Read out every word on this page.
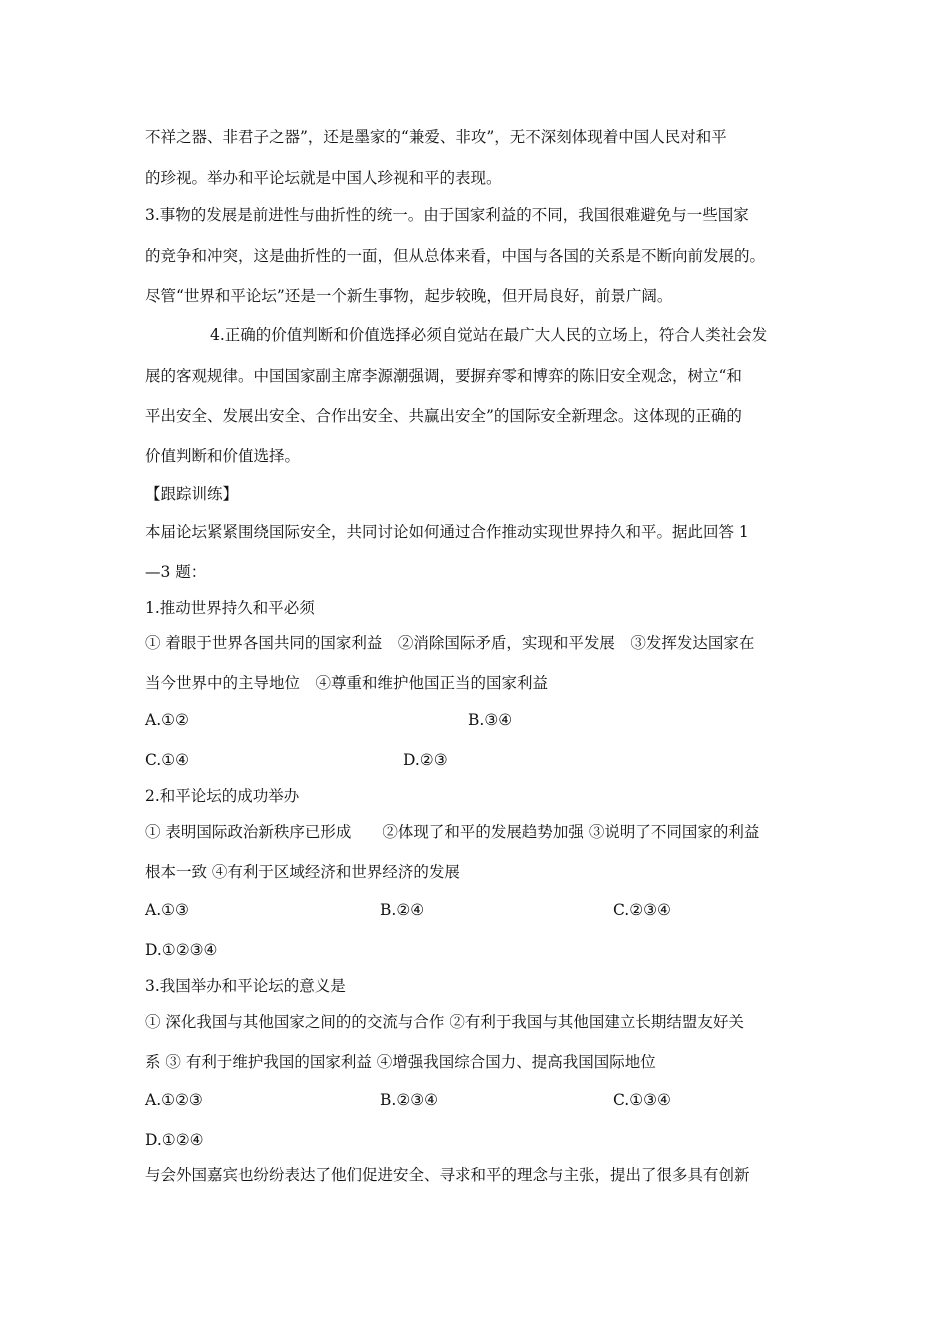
不祥之器、非君子之器”，还是墨家的“兼爱、非攻”，无不深刻体现着中国人民对和平
的珍视。举办和平论坛就是中国人珍视和平的表现。
3.事物的发展是前进性与曲折性的统一。由于国家利益的不同，我国很难避免与一些国家
的竞争和冲突，这是曲折性的一面，但从总体来看，中国与各国的关系是不断向前发展的。
尽管“世界和平论坛”还是一个新生事物，起步较晚，但开局良好，前景广阔。
4.正确的价值判断和价值选择必须自觉站在最广大人民的立场上，符合人类社会发
展的客观规律。中国国家副主席李源潮强调，要摒弃零和博弈的陈旧安全观念，树立“和
平出安全、发展出安全、合作出安全、共赢出安全”的国际安全新理念。这体现的正确的
价值判断和价值选择。
【跟踪训练】
本届论坛紧紧围绕国际安全，共同讨论如何通过合作推动实现世界持久和平。据此回答 1
—3 题：
1.推动世界持久和平必须
① 着眼于世界各国共同的国家利益　②消除国际矛盾，实现和平发展　③发挥发达国家在
当今世界中的主导地位　④尊重和维护他国正当的国家利益
A.①②	B.③④
C.①④	D.②③
2.和平论坛的成功举办
① 表明国际政治新秩序已形成　　②体现了和平的发展趋势加强 ③说明了不同国家的利益
根本一致 ④有利于区域经济和世界经济的发展
A.①③	B.②④	C.②③④
D.①②③④
3.我国举办和平论坛的意义是
① 深化我国与其他国家之间的的交流与合作 ②有利于我国与其他国建立长期结盟友好关
系 ③ 有利于维护我国的国家利益 ④增强我国综合国力、提高我国国际地位
A.①②③	B.②③④	C.①③④
D.①②④
与会外国嘉宾也纷纷表达了他们促进安全、寻求和平的理念与主张，提出了很多具有创新
